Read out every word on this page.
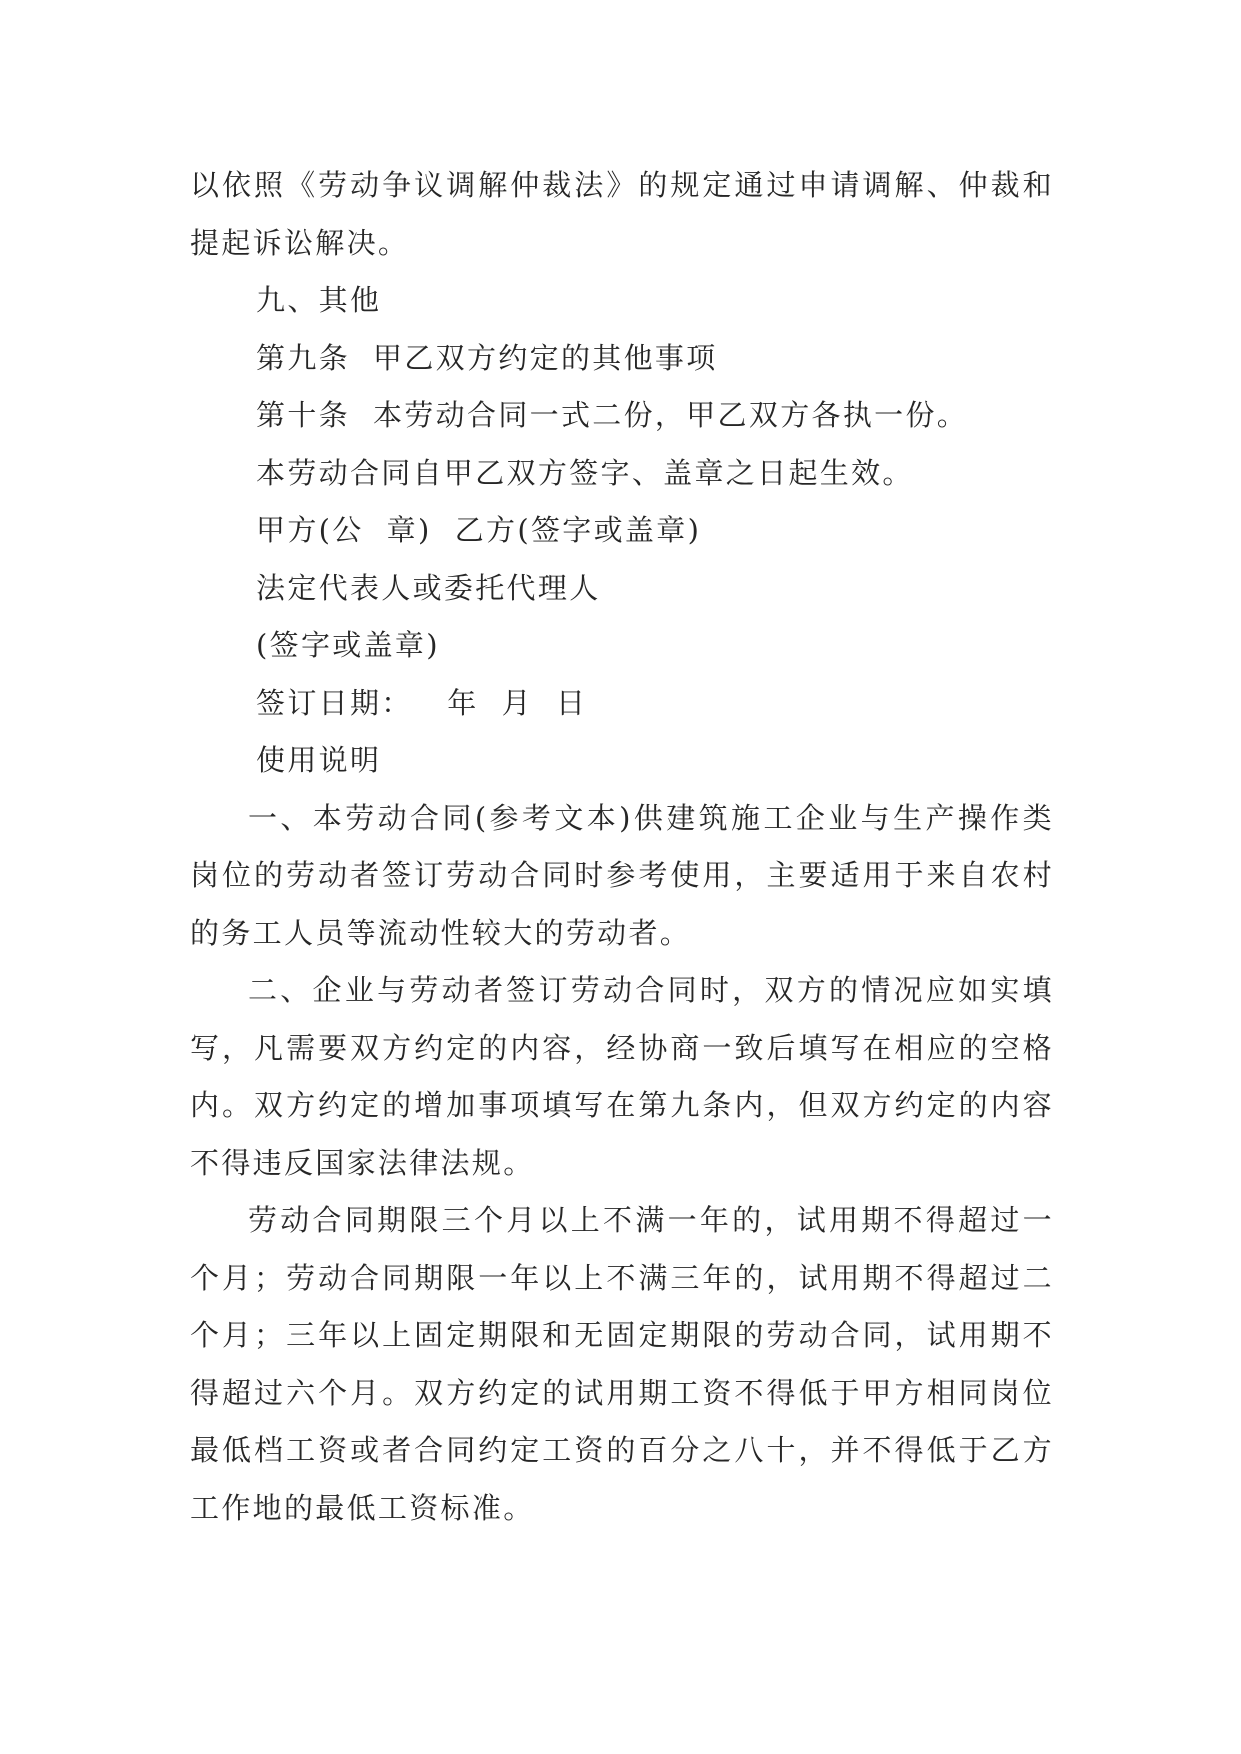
以依照《劳动争议调解仲裁法》的规定通过申请调解、仲裁和提起诉讼解决。

九、其他

第九条  甲乙双方约定的其他事项

第十条  本劳动合同一式二份，甲乙双方各执一份。

本劳动合同自甲乙双方签字、盖章之日起生效。

甲方(公  章)  乙方(签字或盖章)

法定代表人或委托代理人

(签字或盖章)

签订日期：   年  月  日

使用说明

一、本劳动合同(参考文本)供建筑施工企业与生产操作类岗位的劳动者签订劳动合同时参考使用，主要适用于来自农村的务工人员等流动性较大的劳动者。

二、企业与劳动者签订劳动合同时，双方的情况应如实填写，凡需要双方约定的内容，经协商一致后填写在相应的空格内。双方约定的增加事项填写在第九条内，但双方约定的内容不得违反国家法律法规。

劳动合同期限三个月以上不满一年的，试用期不得超过一个月；劳动合同期限一年以上不满三年的，试用期不得超过二个月；三年以上固定期限和无固定期限的劳动合同，试用期不得超过六个月。双方约定的试用期工资不得低于甲方相同岗位最低档工资或者合同约定工资的百分之八十，并不得低于乙方工作地的最低工资标准。
